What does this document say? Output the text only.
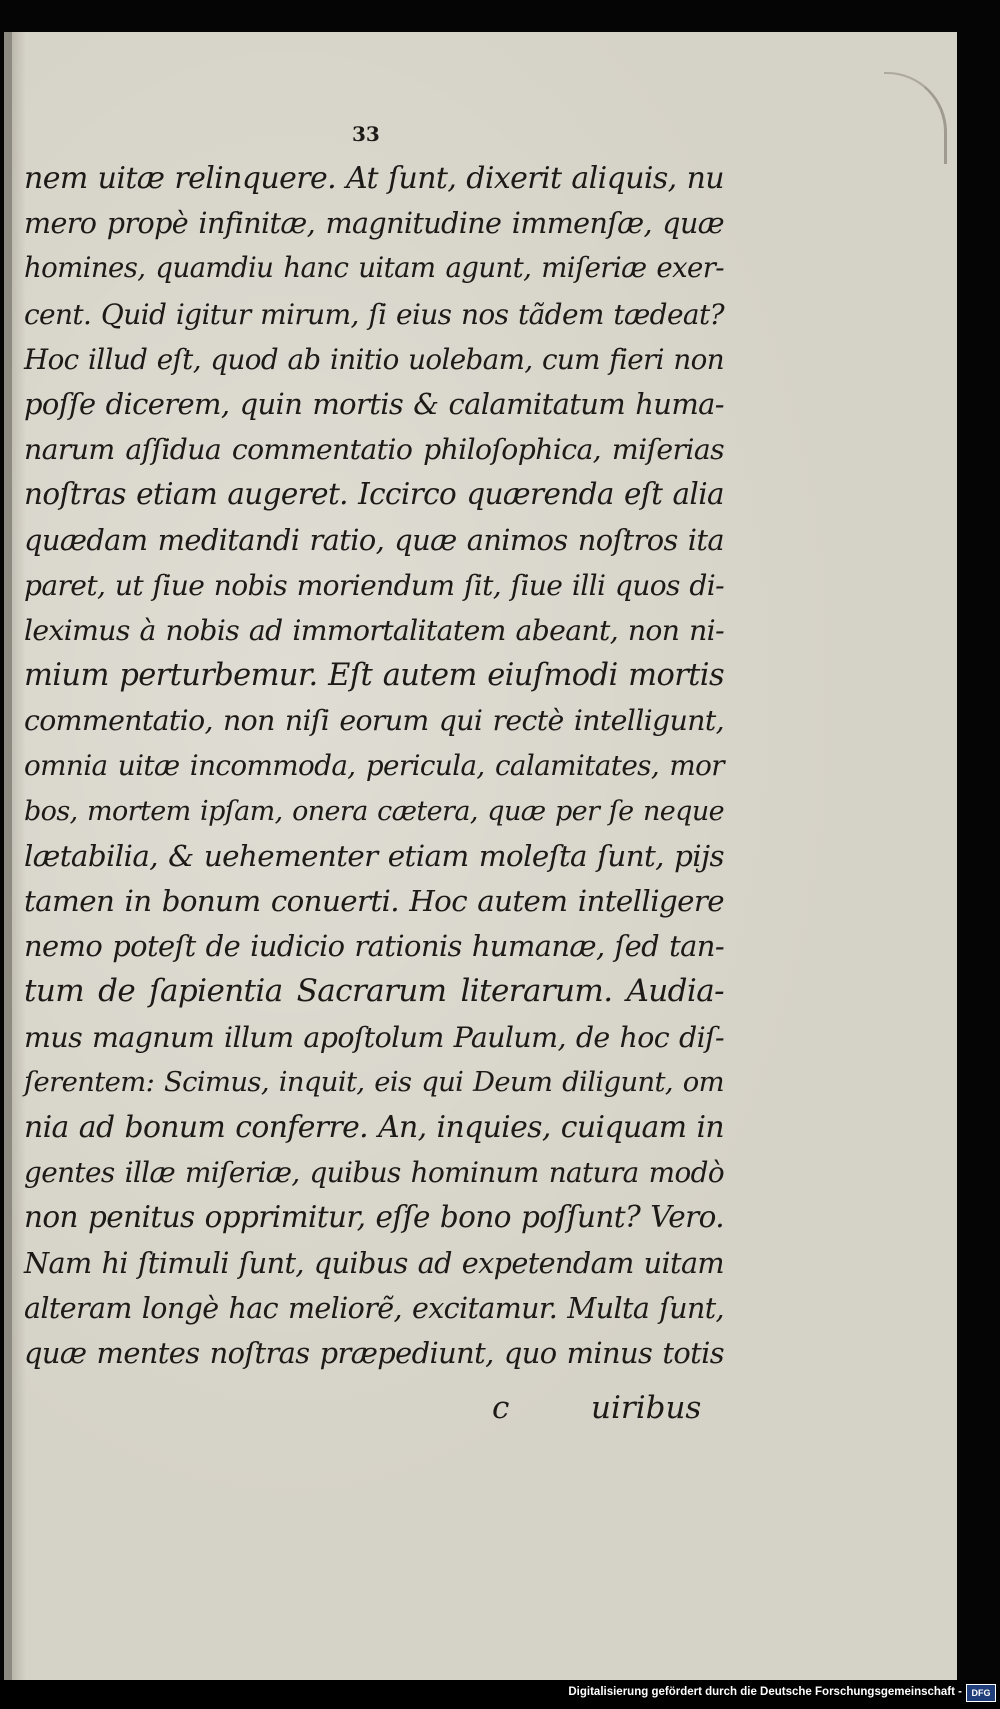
33
nem uitæ relinquere. At ſunt, dixerit aliquis, nu
mero propè infinitæ, magnitudine immenſæ, quæ
homines, quamdiu hanc uitam agunt, miſeriæ exer-
cent. Quid igitur mirum, ſi eius nos tãdem tædeat?
Hoc illud eſt, quod ab initio uolebam, cum fieri non
poſſe dicerem, quin mortis & calamitatum huma-
narum aſſidua commentatio philoſophica, miſerias
noſtras etiam augeret. Iccirco quærenda eſt alia
quædam meditandi ratio, quæ animos noſtros ita
paret, ut ſiue nobis moriendum ſit, ſiue illi quos di-
leximus à nobis ad immortalitatem abeant, non ni-
mium perturbemur. Eſt autem eiuſmodi mortis
commentatio, non niſi eorum qui rectè intelligunt,
omnia uitæ incommoda, pericula, calamitates, mor
bos, mortem ipſam, onera cætera, quæ per ſe neque
lætabilia, & uehementer etiam moleſta ſunt, pijs
tamen in bonum conuerti. Hoc autem intelligere
nemo poteſt de iudicio rationis humanæ, ſed tan-
tum de ſapientia Sacrarum literarum. Audia-
mus magnum illum apoſtolum Paulum, de hoc diſ-
ſerentem: Scimus, inquit, eis qui Deum diligunt, om
nia ad bonum conferre. An, inquies, cuiquam in
gentes illæ miſeriæ, quibus hominum natura modò
non penitus opprimitur, eſſe bono poſſunt? Vero.
Nam hi ſtimuli ſunt, quibus ad expetendam uitam
alteram longè hac meliorẽ, excitamur. Multa ſunt,
quæ mentes noſtras præpediunt, quo minus totis
c	uiribus
Digitalisierung gefördert durch die Deutsche Forschungsgemeinschaft -	DFG
